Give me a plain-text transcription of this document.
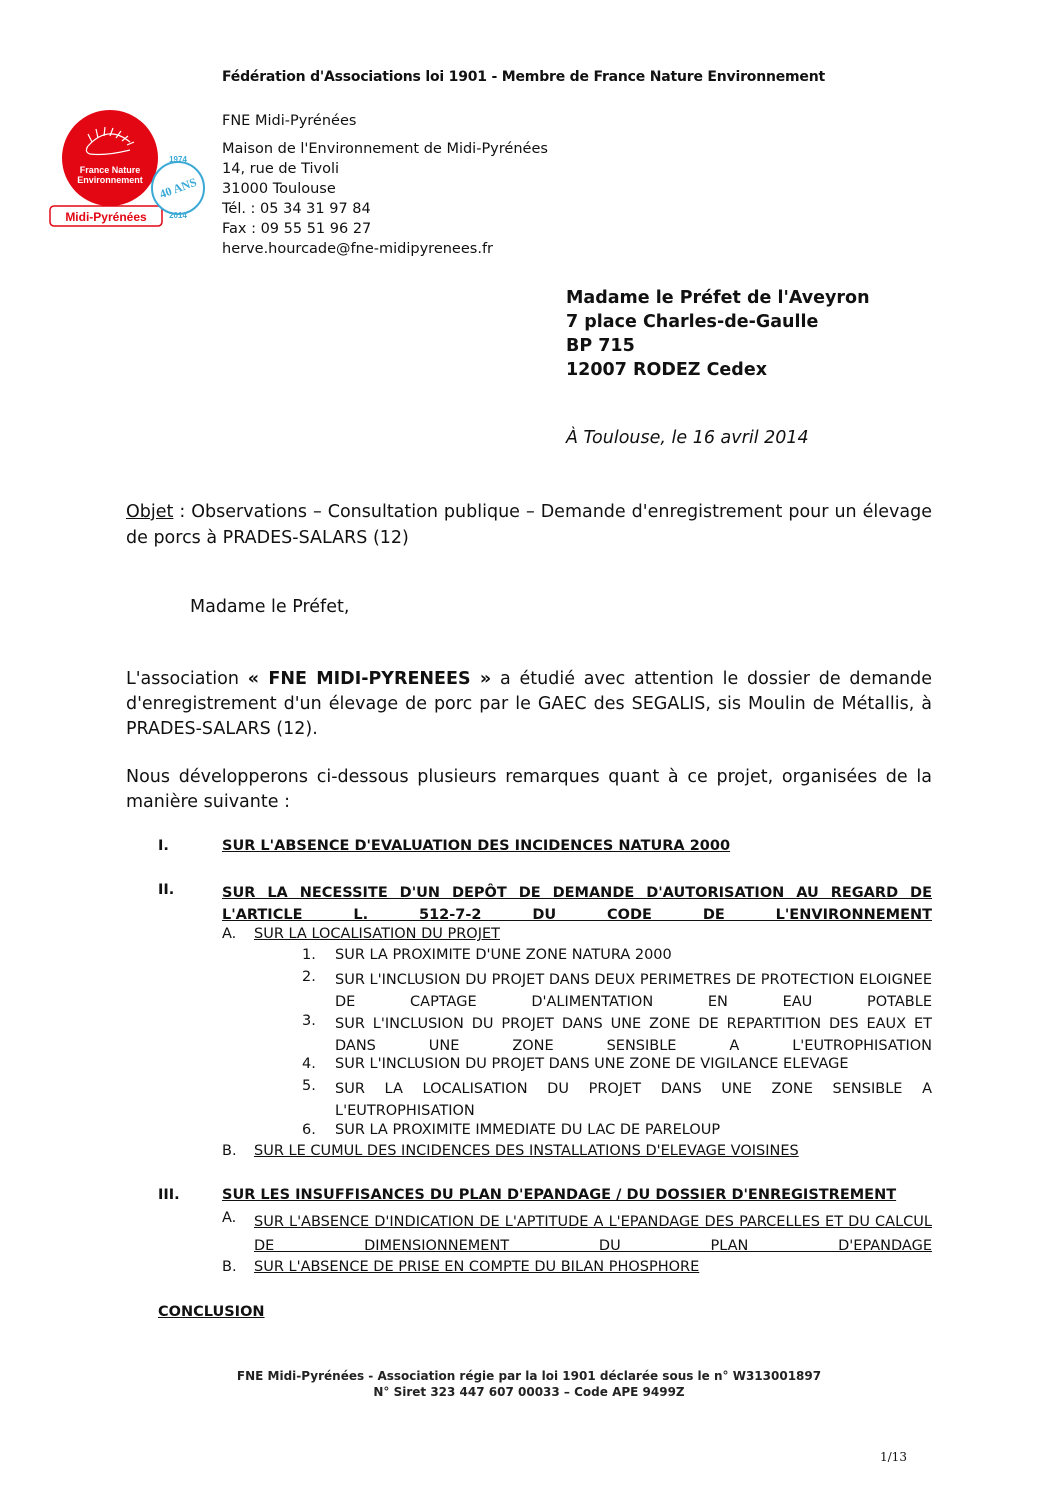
Fédération d'Associations loi 1901 - Membre de France Nature Environnement
France Nature
Environnement
Midi-Pyrénées
1974
40 ANS
2014
FNE Midi-Pyrénées
Maison de l'Environnement de Midi-Pyrénées
14, rue de Tivoli
31000 Toulouse
Tél. : 05 34 31 97 84
Fax : 09 55 51 96 27
herve.hourcade@fne-midipyrenees.fr
Madame le Préfet de l'Aveyron
7 place Charles-de-Gaulle
BP 715
12007 RODEZ Cedex
À Toulouse, le 16 avril 2014
Objet : Observations – Consultation publique – Demande d'enregistrement pour un élevage de porcs à PRADES-SALARS (12)
Madame le Préfet,
L'association « FNE MIDI-PYRENEES » a étudié avec attention le dossier de demande d'enregistrement d'un élevage de porc par le GAEC des SEGALIS, sis Moulin de Métallis, à PRADES-SALARS (12).
Nous développerons ci-dessous plusieurs remarques quant à ce projet, organisées de la manière suivante :
I.	SUR L'ABSENCE D'EVALUATION DES INCIDENCES NATURA 2000
II.	SUR LA NECESSITE D'UN DEPÔT DE DEMANDE D'AUTORISATION AU REGARD DE L'ARTICLE L. 512-7-2 DU CODE DE L'ENVIRONNEMENT
A. SUR LA LOCALISATION DU PROJET
1. SUR LA PROXIMITE D'UNE ZONE NATURA 2000
2. SUR L'INCLUSION DU PROJET DANS DEUX PERIMETRES DE PROTECTION ELOIGNEE DE CAPTAGE D'ALIMENTATION EN EAU POTABLE
3. SUR L'INCLUSION DU PROJET DANS UNE ZONE DE REPARTITION DES EAUX ET DANS UNE ZONE SENSIBLE A L'EUTROPHISATION
4. SUR L'INCLUSION DU PROJET DANS UNE ZONE DE VIGILANCE ELEVAGE
5. SUR LA LOCALISATION DU PROJET DANS UNE ZONE SENSIBLE A L'EUTROPHISATION
6. SUR LA PROXIMITE IMMEDIATE DU LAC DE PARELOUP
B. SUR LE CUMUL DES INCIDENCES DES INSTALLATIONS D'ELEVAGE VOISINES
III.	SUR LES INSUFFISANCES DU PLAN D'EPANDAGE / DU DOSSIER D'ENREGISTREMENT
A. SUR L'ABSENCE D'INDICATION DE L'APTITUDE A L'EPANDAGE DES PARCELLES ET DU CALCUL DE DIMENSIONNEMENT DU PLAN D'EPANDAGE
B. SUR L'ABSENCE DE PRISE EN COMPTE DU BILAN PHOSPHORE
CONCLUSION
FNE Midi-Pyrénées - Association régie par la loi 1901 déclarée sous le n° W313001897
N° Siret 323 447 607 00033 – Code APE 9499Z
1/13
